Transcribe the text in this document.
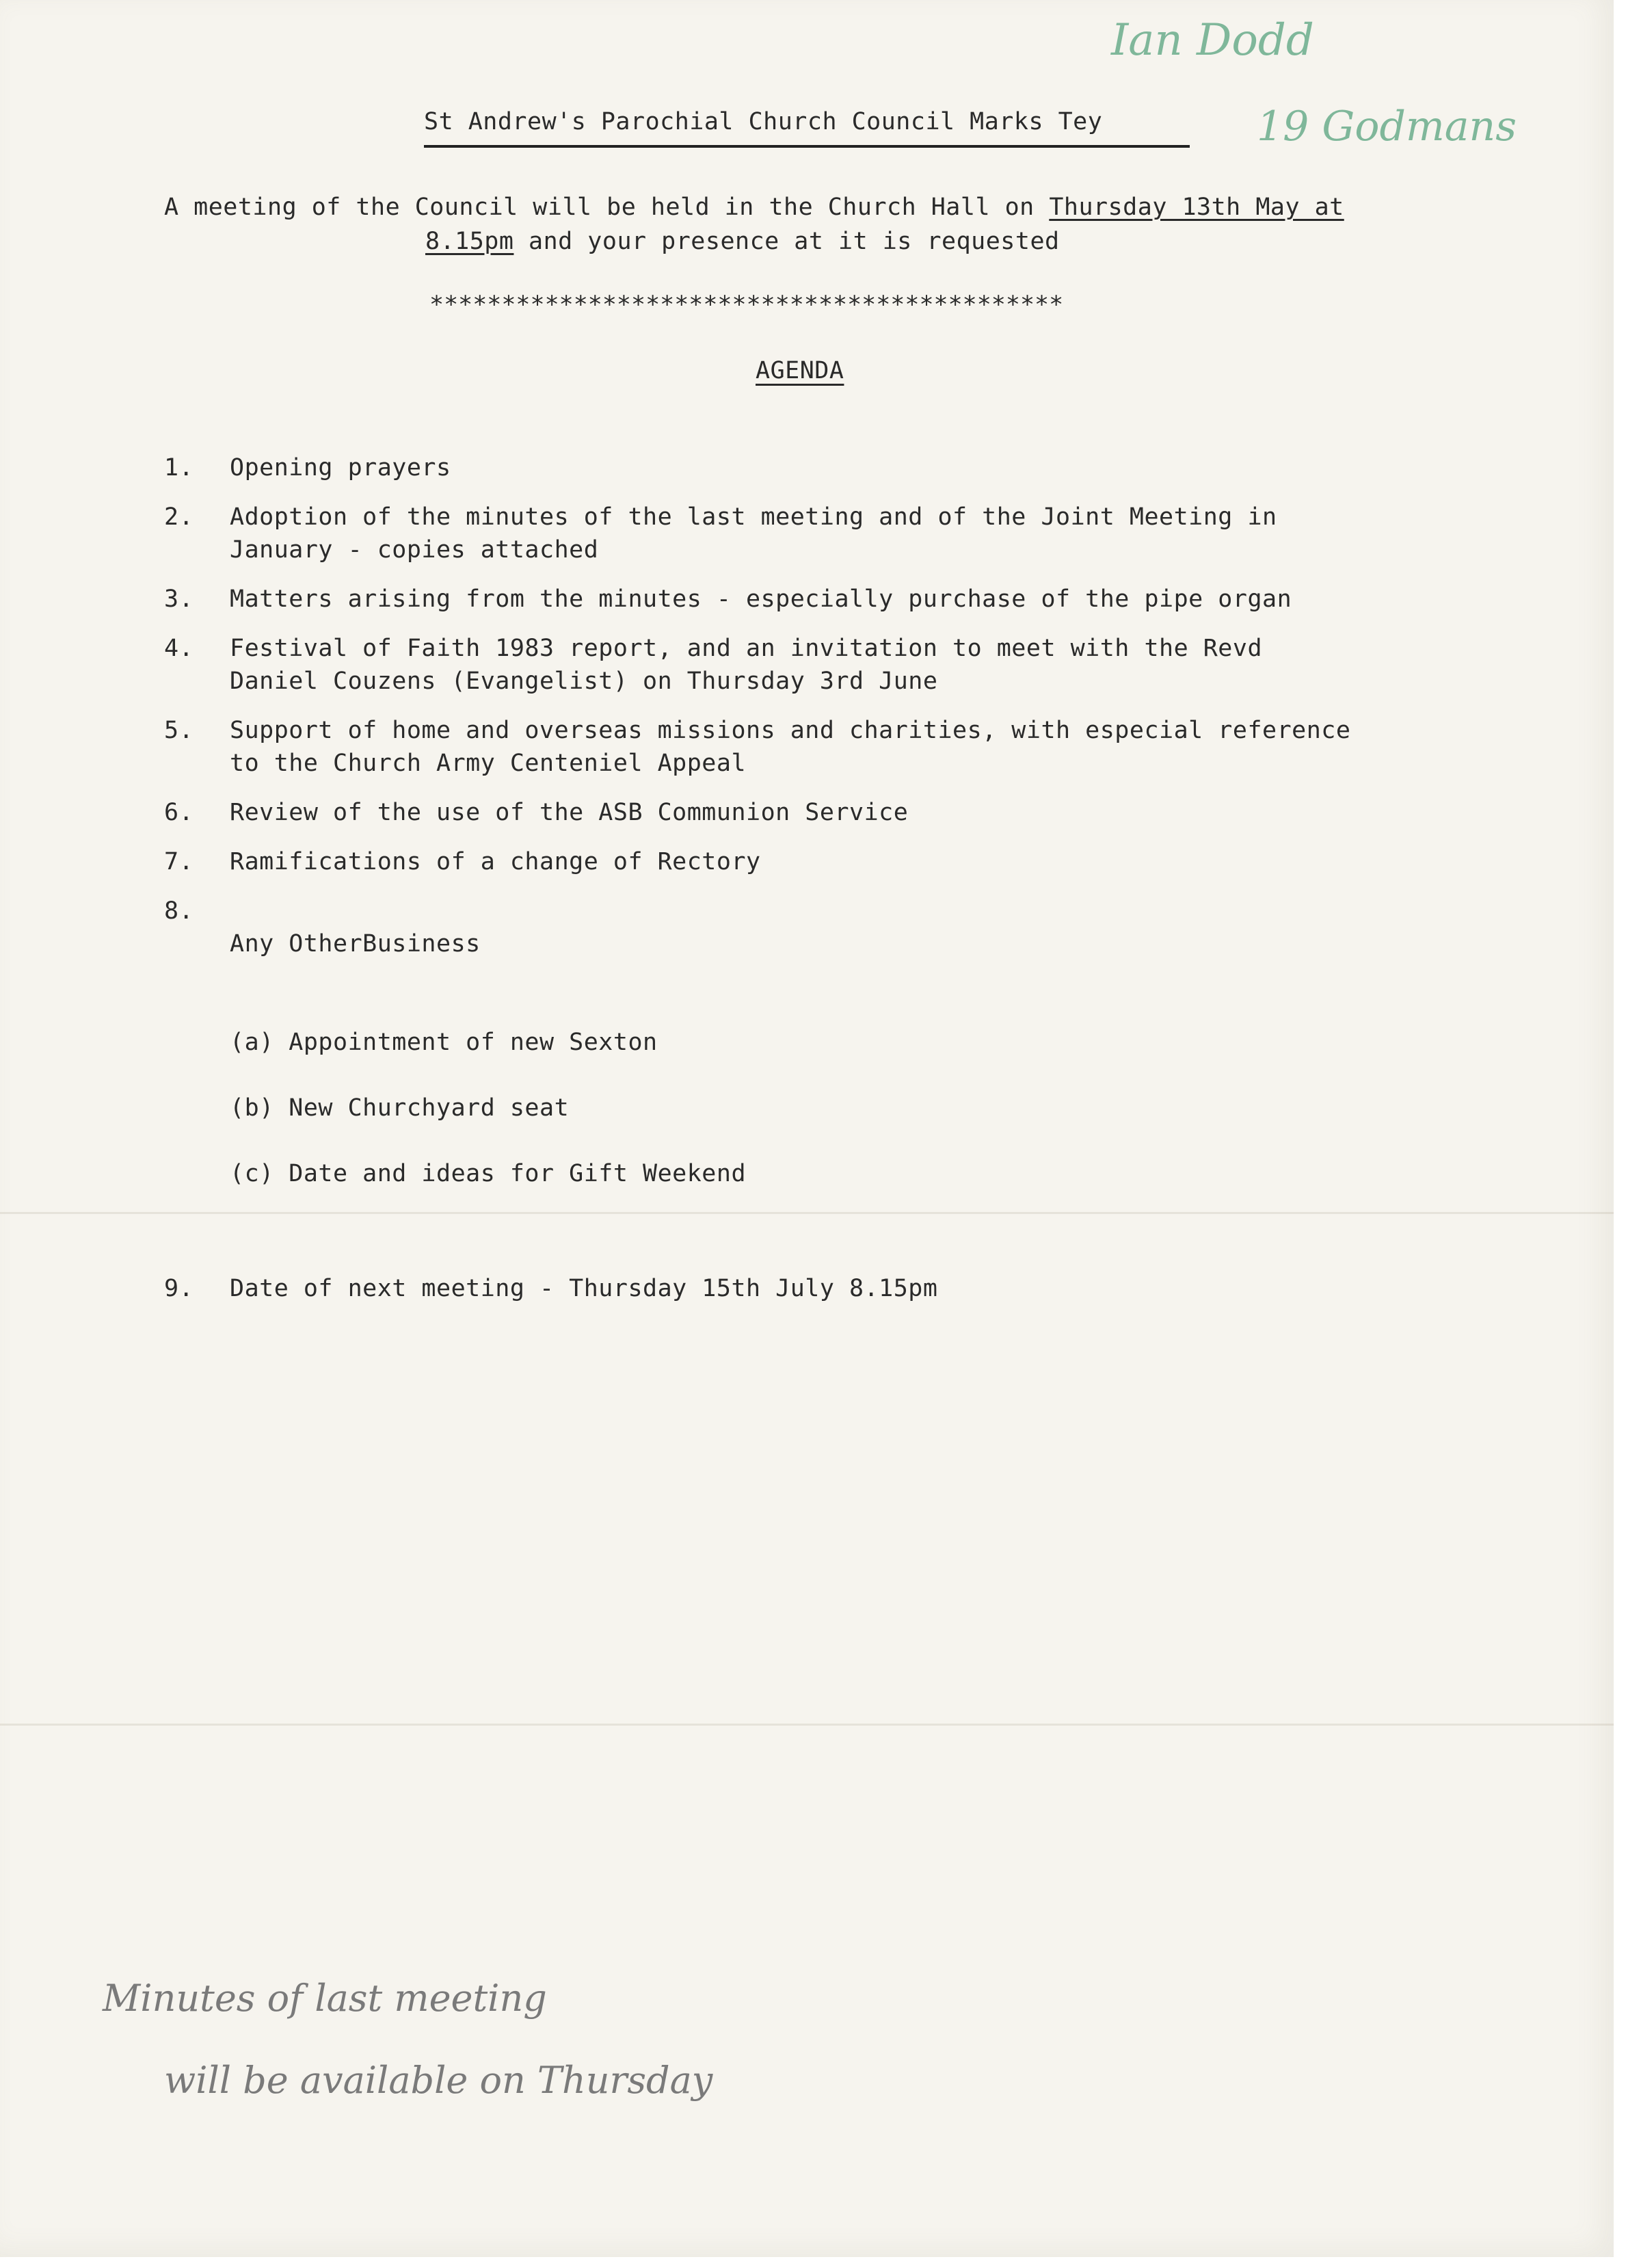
Ian Dodd
19 Godmans
St Andrew's Parochial Church Council Marks Tey
A meeting of the Council will be held in the Church Hall on Thursday 13th May at
8.15pm and your presence at it is requested
********************************************
AGENDA
1.	Opening prayers
2.	Adoption of the minutes of the last meeting and of the Joint Meeting in
January - copies attached
3.	Matters arising from the minutes - especially purchase of the pipe organ
4.	Festival of Faith 1983 report, and an invitation to meet with the Revd
Daniel Couzens (Evangelist) on Thursday 3rd June
5.	Support of home and overseas missions and charities, with especial reference
to the Church Army Centeniel Appeal
6.	Review of the use of the ASB Communion Service
7.	Ramifications of a change of Rectory
8.

Any OtherBusiness

(a) Appointment of new Sexton

(b) New Churchyard seat

(c) Date and ideas for Gift Weekend

9.	Date of next meeting - Thursday 15th July 8.15pm
Minutes of last meeting
will be available on Thursday
